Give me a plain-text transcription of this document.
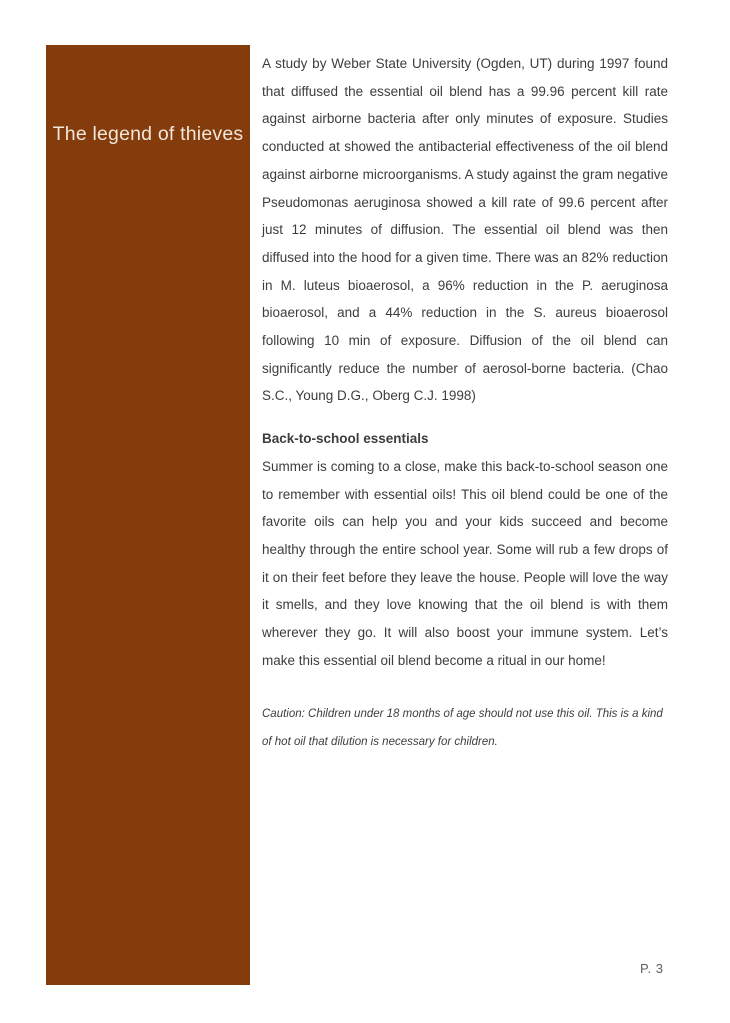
The legend of thieves

A study by Weber State University (Ogden, UT) during 1997 found that diffused the essential oil blend has a 99.96 percent kill rate against airborne bacteria after only minutes of exposure. Studies conducted at showed the antibacterial effectiveness of the oil blend against airborne microorganisms. A study against the gram negative Pseudomonas aeruginosa showed a kill rate of 99.6 percent after just 12 minutes of diffusion. The essential oil blend was then diffused into the hood for a given time. There was an 82% reduction in M. luteus bioaerosol, a 96% reduction in the P. aeruginosa bioaerosol, and a 44% reduction in the S. aureus bioaerosol following 10 min of exposure. Diffusion of the oil blend can significantly reduce the number of aerosol-borne bacteria. (Chao S.C., Young D.G., Oberg C.J. 1998)

Back-to-school essentials

Summer is coming to a close, make this back-to-school season one to remember with essential oils! This oil blend could be one of the favorite oils can help you and your kids succeed and become healthy through the entire school year. Some will rub a few drops of it on their feet before they leave the house. People will love the way it smells, and they love knowing that the oil blend is with them wherever they go. It will also boost your immune system. Let’s make this essential oil blend become a ritual in our home!

Caution: Children under 18 months of age should not use this oil. This is a kind of hot oil that dilution is necessary for children.

P. 3
